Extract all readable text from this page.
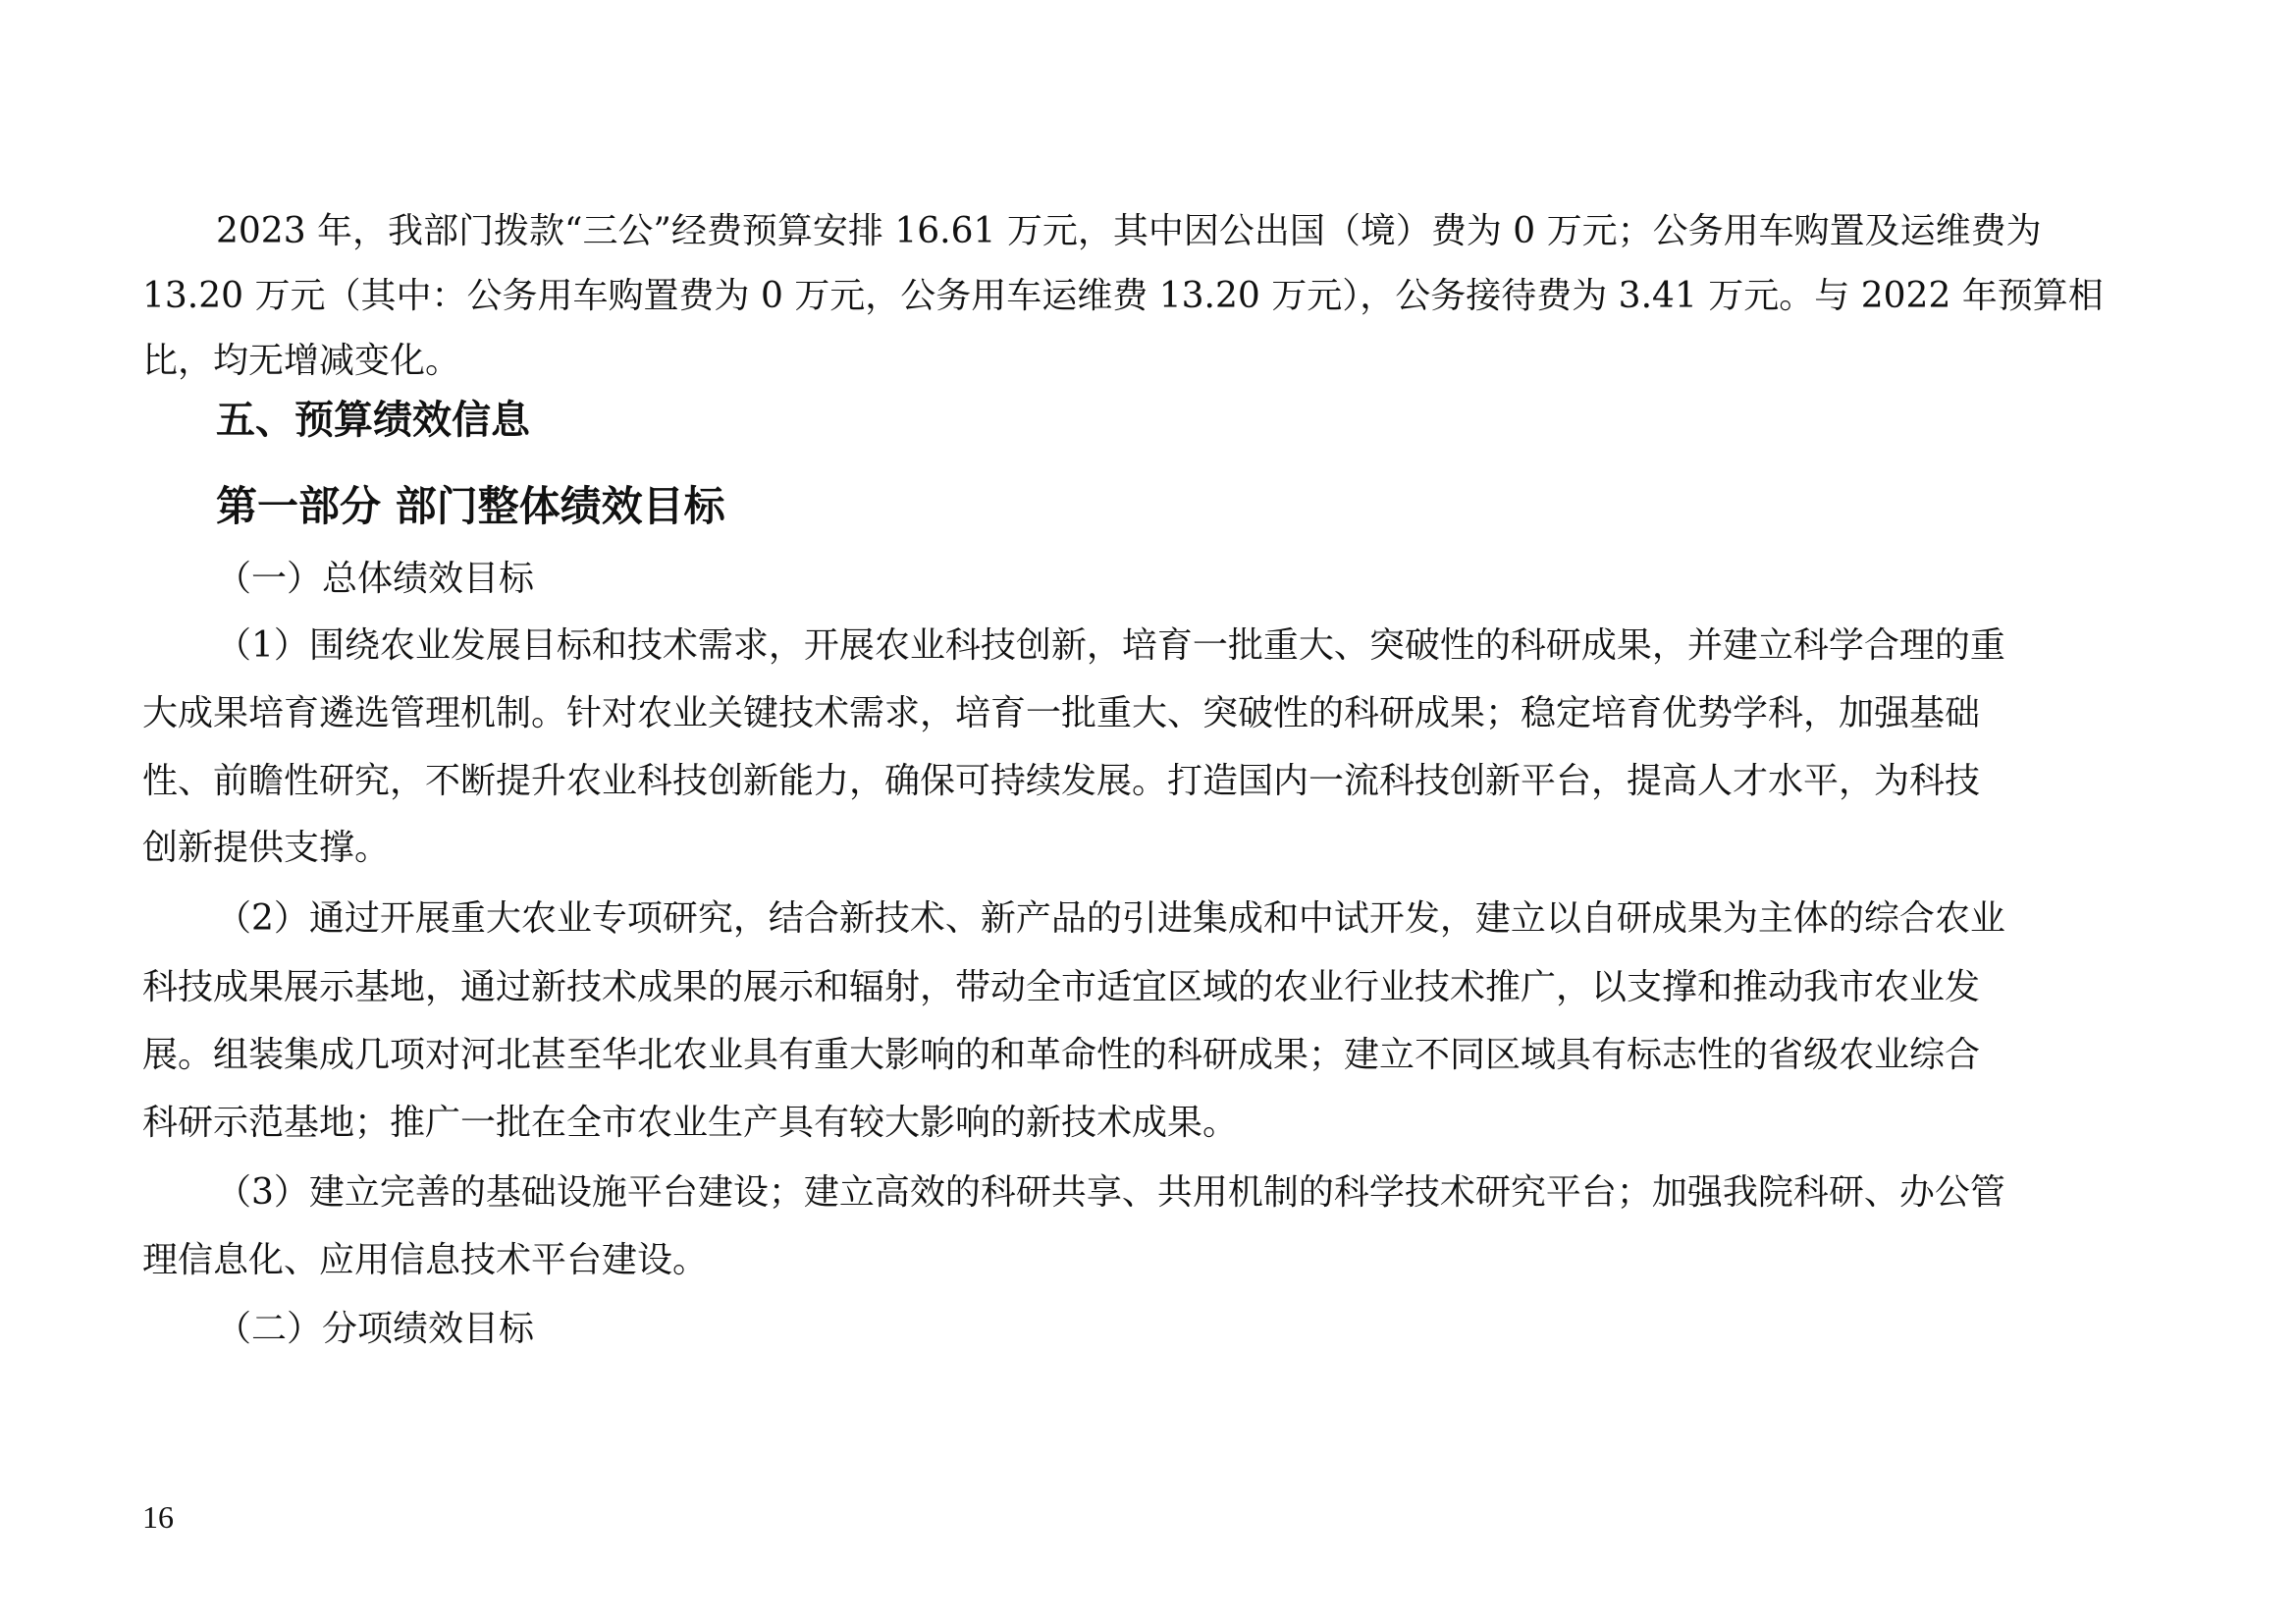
2023 年，我部门拨款“三公”经费预算安排 16.61 万元，其中因公出国（境）费为 0 万元；公务用车购置及运维费为
13.20 万元（其中：公务用车购置费为 0 万元，公务用车运维费 13.20 万元），公务接待费为 3.41 万元。与 2022 年预算相
比，均无增减变化。
五、预算绩效信息
第一部分 部门整体绩效目标
（一）总体绩效目标
（1）围绕农业发展目标和技术需求，开展农业科技创新，培育一批重大、突破性的科研成果，并建立科学合理的重
大成果培育遴选管理机制。针对农业关键技术需求，培育一批重大、突破性的科研成果；稳定培育优势学科，加强基础
性、前瞻性研究，不断提升农业科技创新能力，确保可持续发展。打造国内一流科技创新平台，提高人才水平，为科技
创新提供支撑。
（2）通过开展重大农业专项研究，结合新技术、新产品的引进集成和中试开发，建立以自研成果为主体的综合农业
科技成果展示基地，通过新技术成果的展示和辐射，带动全市适宜区域的农业行业技术推广，以支撑和推动我市农业发
展。组装集成几项对河北甚至华北农业具有重大影响的和革命性的科研成果；建立不同区域具有标志性的省级农业综合
科研示范基地；推广一批在全市农业生产具有较大影响的新技术成果。
（3）建立完善的基础设施平台建设；建立高效的科研共享、共用机制的科学技术研究平台；加强我院科研、办公管
理信息化、应用信息技术平台建设。
（二）分项绩效目标
16
